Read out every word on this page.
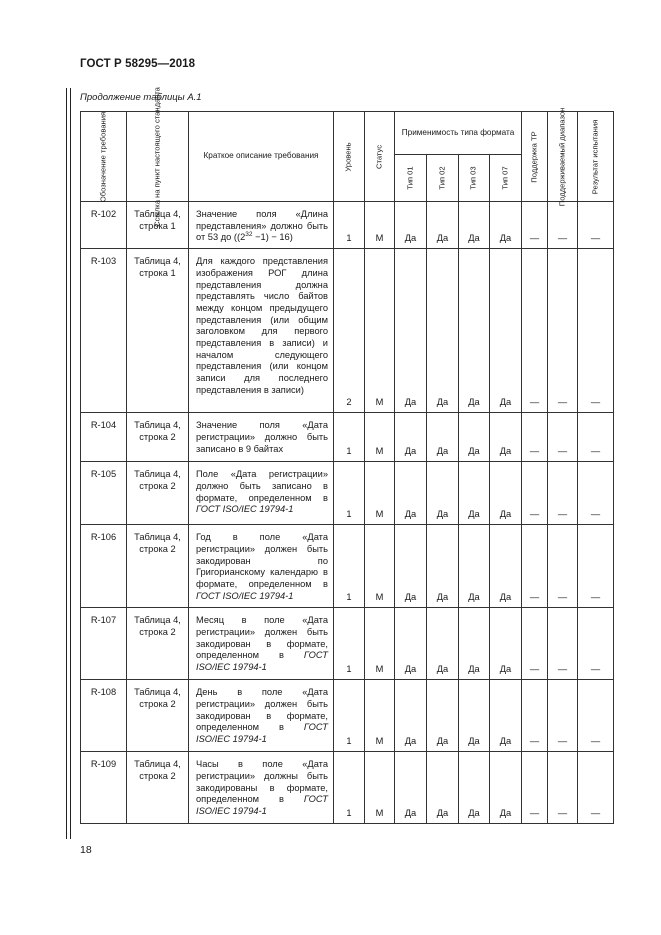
ГОСТ Р 58295—2018
Продолжение таблицы А.1
Обозначение требования	Ссылка на пункт настоящего стандарта	Краткое описание требования	Уровень	Статус	Применимость типа формата				Поддержка ТР	Поддерживаемый диапазон	Результат испытания

					Тип 01	Тип 02	Тип 03	Тип 07			

R-102	Таблица 4, строка 1	Значение поля «Длина представления» должно быть от 53 до $((2^{32} -1) - 16)$	1	M	Да	Да	Да	Да	—	—	—
R-103	Таблица 4, строка 1	Для каждого представления изображения РОГ длина представления должна представлять число байтов между концом предыдущего представления (или общим заголовком для первого представления в записи) и началом следующего представления (или концом записи для последнего представления в записи)	2	M	Да	Да	Да	Да	—	—	—
R-104	Таблица 4, строка 2	Значение поля «Дата регистрации» должно быть записано в 9 байтах	1	M	Да	Да	Да	Да	—	—	—
R-105	Таблица 4, строка 2	Поле «Дата регистрации» должно быть записано в формате, определенном в ГОСТ ISO/IEC 19794-1	1	M	Да	Да	Да	Да	—	—	—
R-106	Таблица 4, строка 2	Год в поле «Дата регистрации» должен быть закодирован по Григорианскому календарю в формате, определенном в ГОСТ ISO/IEC 19794-1	1	M	Да	Да	Да	Да	—	—	—
R-107	Таблица 4, строка 2	Месяц в поле «Дата регистрации» должен быть закодирован в формате, определенном в ГОСТ ISO/IEC 19794-1	1	M	Да	Да	Да	Да	—	—	—
R-108	Таблица 4, строка 2	День в поле «Дата регистрации» должен быть закодирован в формате, определенном в ГОСТ ISO/IEC 19794-1	1	M	Да	Да	Да	Да	—	—	—
R-109	Таблица 4, строка 2	Часы в поле «Дата регистрации» должны быть закодированы в формате, определенном в ГОСТ ISO/IEC 19794-1	1	M	Да	Да	Да	Да	—	—	—
18
